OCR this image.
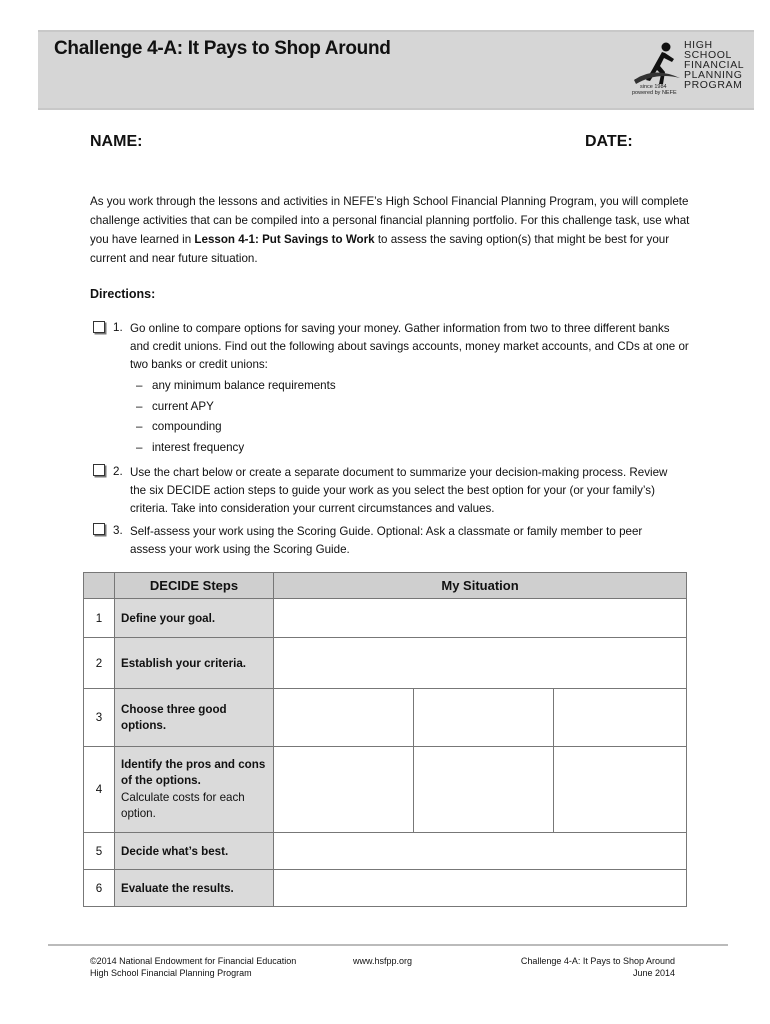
HIGH
SCHOOL
FINANCIAL
PLANNING
PROGRAM
since 1984
powered by NEFE
Challenge 4-A: It Pays to Shop Around
NAME:	DATE:
As you work through the lessons and activities in NEFE’s High School Financial Planning Program, you will complete challenge activities that can be compiled into a personal financial planning portfolio. For this challenge task, use what you have learned in Lesson 4-1: Put Savings to Work to assess the saving option(s) that might be best for your current and near future situation.
Directions:
1. Go online to compare options for saving your money. Gather information from two to three different banks and credit unions. Find out the following about savings accounts, money market accounts, and CDs at one or two banks or credit unions:
– any minimum balance requirements
– current APY
– compounding
– interest frequency
2. Use the chart below or create a separate document to summarize your decision-making process. Review the six DECIDE action steps to guide your work as you select the best option for your (or your family’s) criteria. Take into consideration your current circumstances and values.
3. Self-assess your work using the Scoring Guide. Optional: Ask a classmate or family member to peer assess your work using the Scoring Guide.
	DECIDE Steps	My Situation		
1	Define your goal.			
2	Establish your criteria.			
3	Choose three good options.			
4	Identify the pros and cons of the options.
Calculate costs for each option.			

5	Decide what’s best.			
6	Evaluate the results.			
©2014 National Endowment for Financial Education
High School Financial Planning Program
www.hsfpp.org	Challenge 4-A: It Pays to Shop Around
June 2014
